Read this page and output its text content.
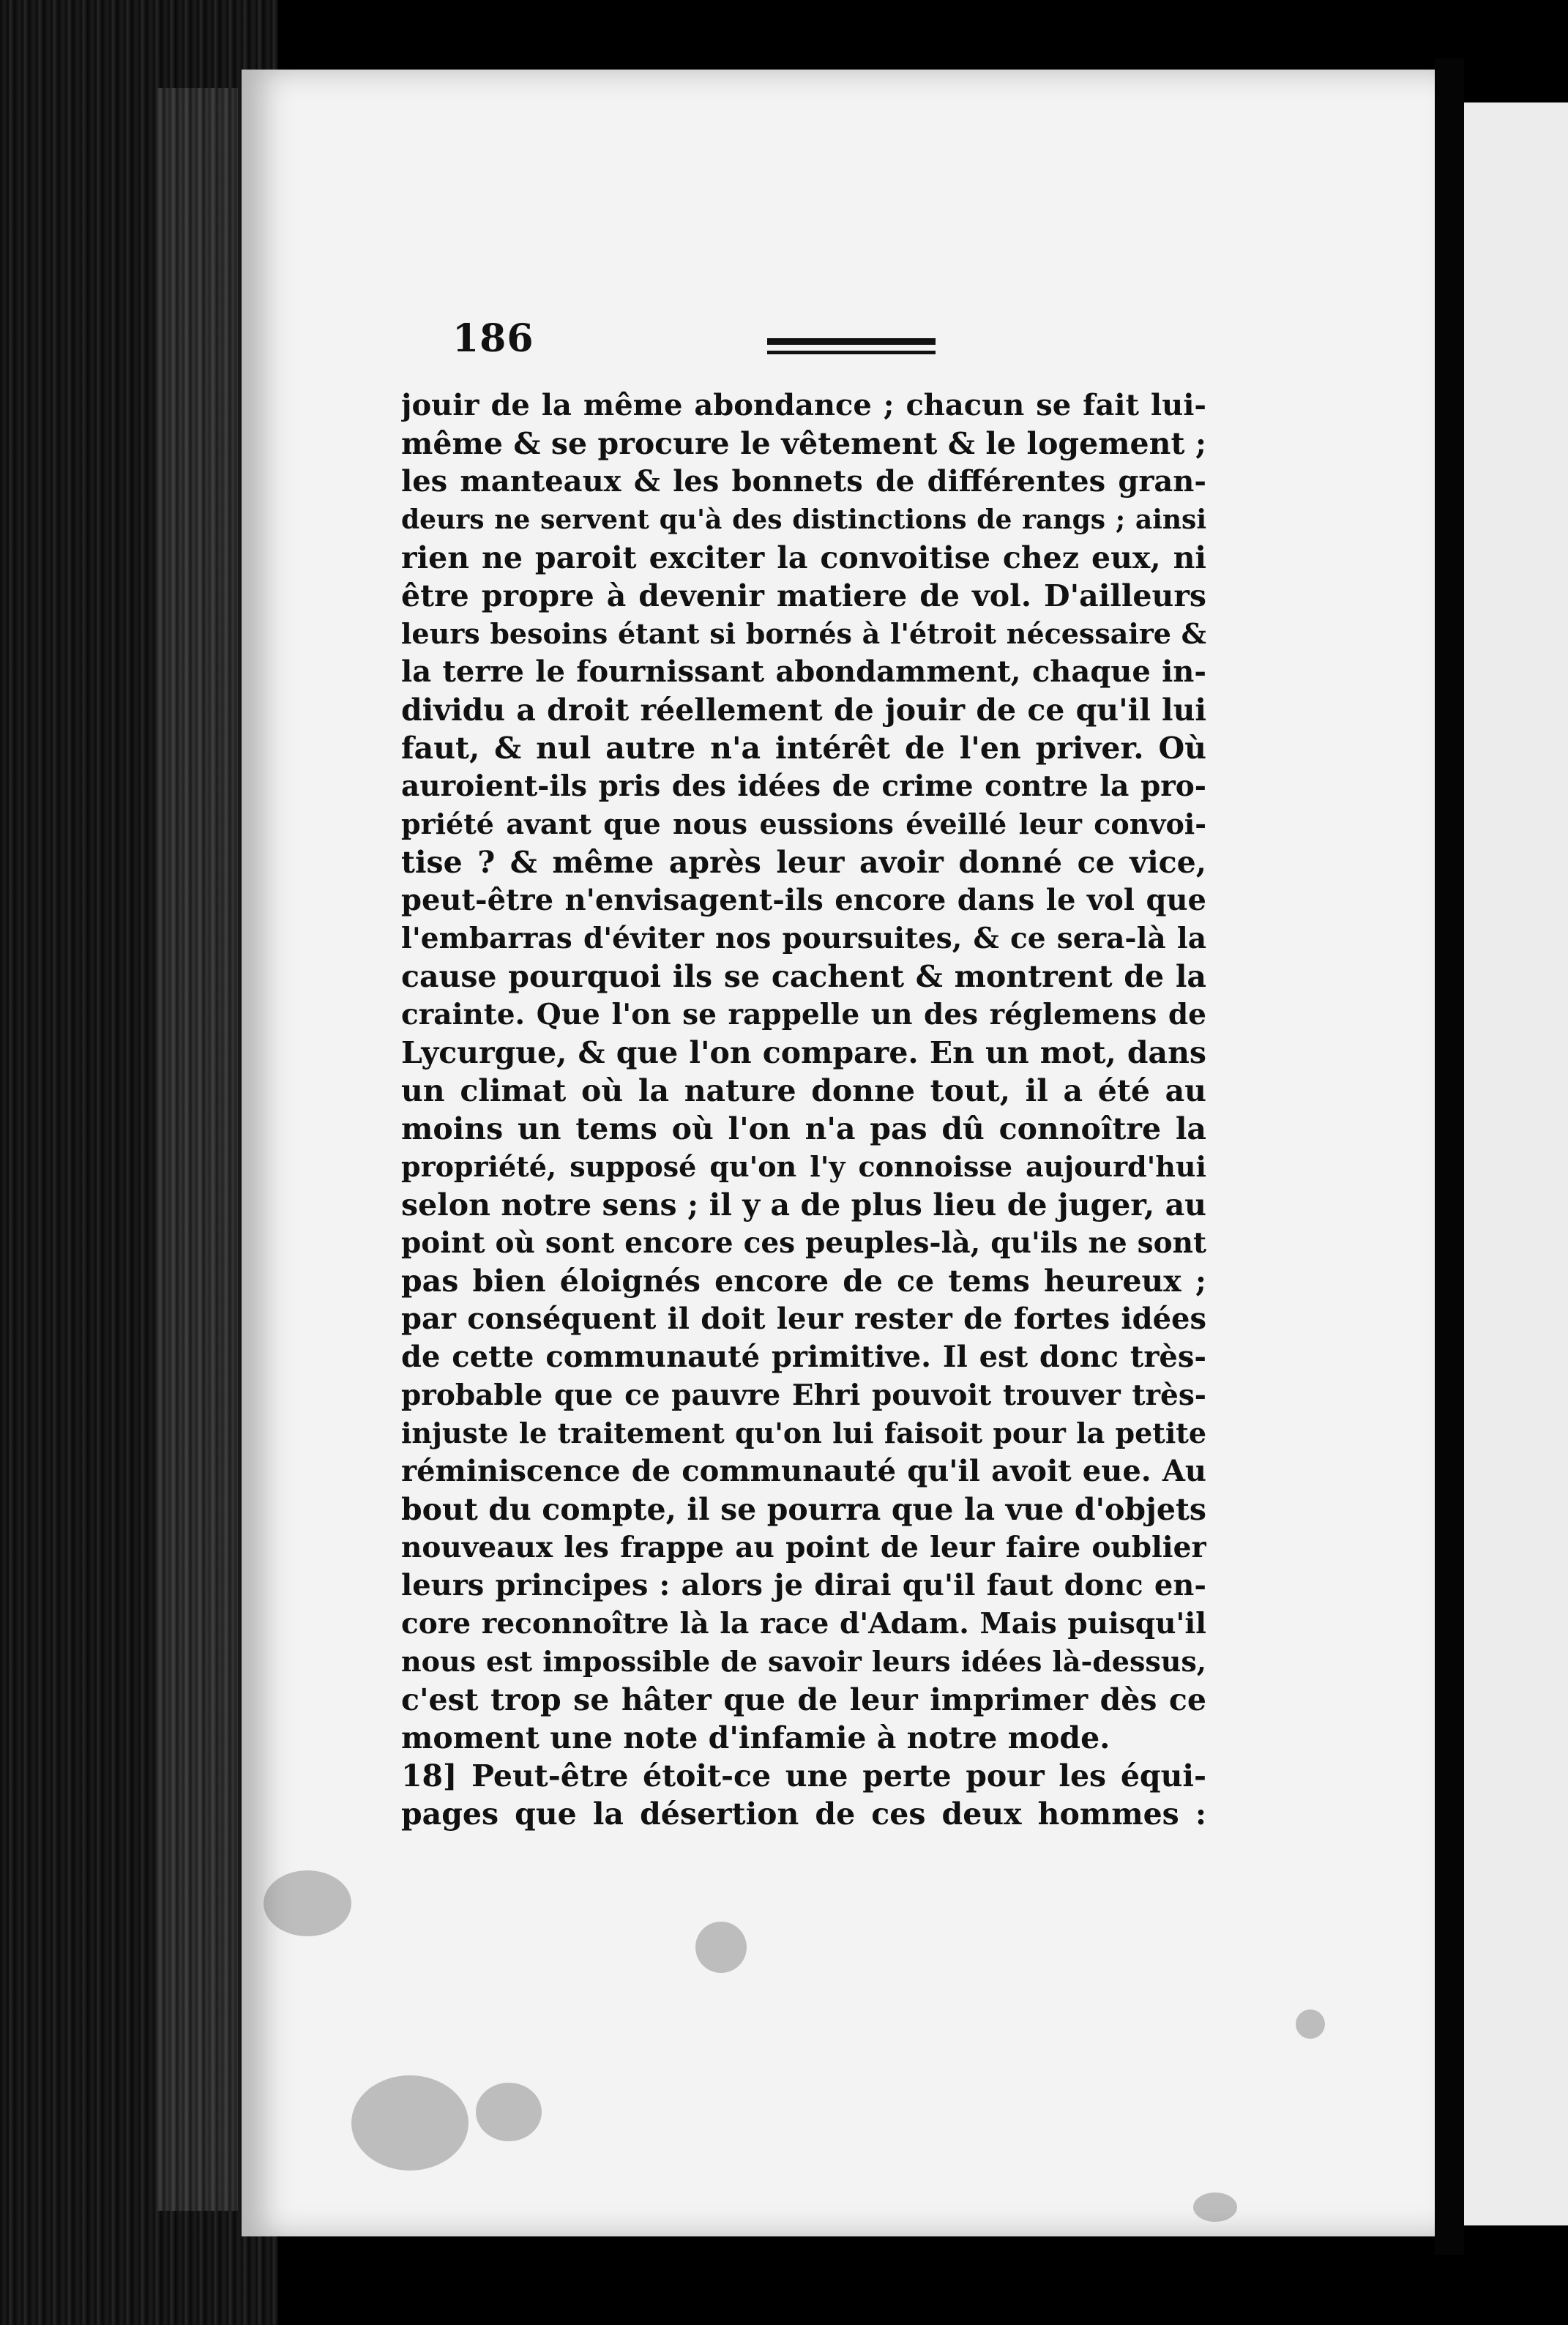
186
jouir de la même abondance ; chacun se fait lui-
même & se procure le vêtement & le logement ;
les manteaux & les bonnets de différentes gran-
deurs ne servent qu'à des distinctions de rangs ; ainsi
rien ne paroit exciter la convoitise chez eux, ni
être propre à devenir matiere de vol. D'ailleurs
leurs besoins étant si bornés à l'étroit nécessaire &
la terre le fournissant abondamment, chaque in-
dividu a droit réellement de jouir de ce qu'il lui
faut, & nul autre n'a intérêt de l'en priver. Où
auroient-ils pris des idées de crime contre la pro-
priété avant que nous eussions éveillé leur convoi-
tise ? & même après leur avoir donné ce vice,
peut-être n'envisagent-ils encore dans le vol que
l'embarras d'éviter nos poursuites, & ce sera-là la
cause pourquoi ils se cachent & montrent de la
crainte. Que l'on se rappelle un des réglemens de
Lycurgue, & que l'on compare. En un mot, dans
un climat où la nature donne tout, il a été au
moins un tems où l'on n'a pas dû connoître la
propriété, supposé qu'on l'y connoisse aujourd'hui
selon notre sens ; il y a de plus lieu de juger, au
point où sont encore ces peuples-là, qu'ils ne sont
pas bien éloignés encore de ce tems heureux ;
par conséquent il doit leur rester de fortes idées
de cette communauté primitive. Il est donc très-
probable que ce pauvre Ehri pouvoit trouver très-
injuste le traitement qu'on lui faisoit pour la petite
réminiscence de communauté qu'il avoit eue. Au
bout du compte, il se pourra que la vue d'objets
nouveaux les frappe au point de leur faire oublier
leurs principes : alors je dirai qu'il faut donc en-
core reconnoître là la race d'Adam. Mais puisqu'il
nous est impossible de savoir leurs idées là-dessus,
c'est trop se hâter que de leur imprimer dès ce
moment une note d'infamie à notre mode.
18] Peut-être étoit-ce une perte pour les équi-
pages que la désertion de ces deux hommes :
